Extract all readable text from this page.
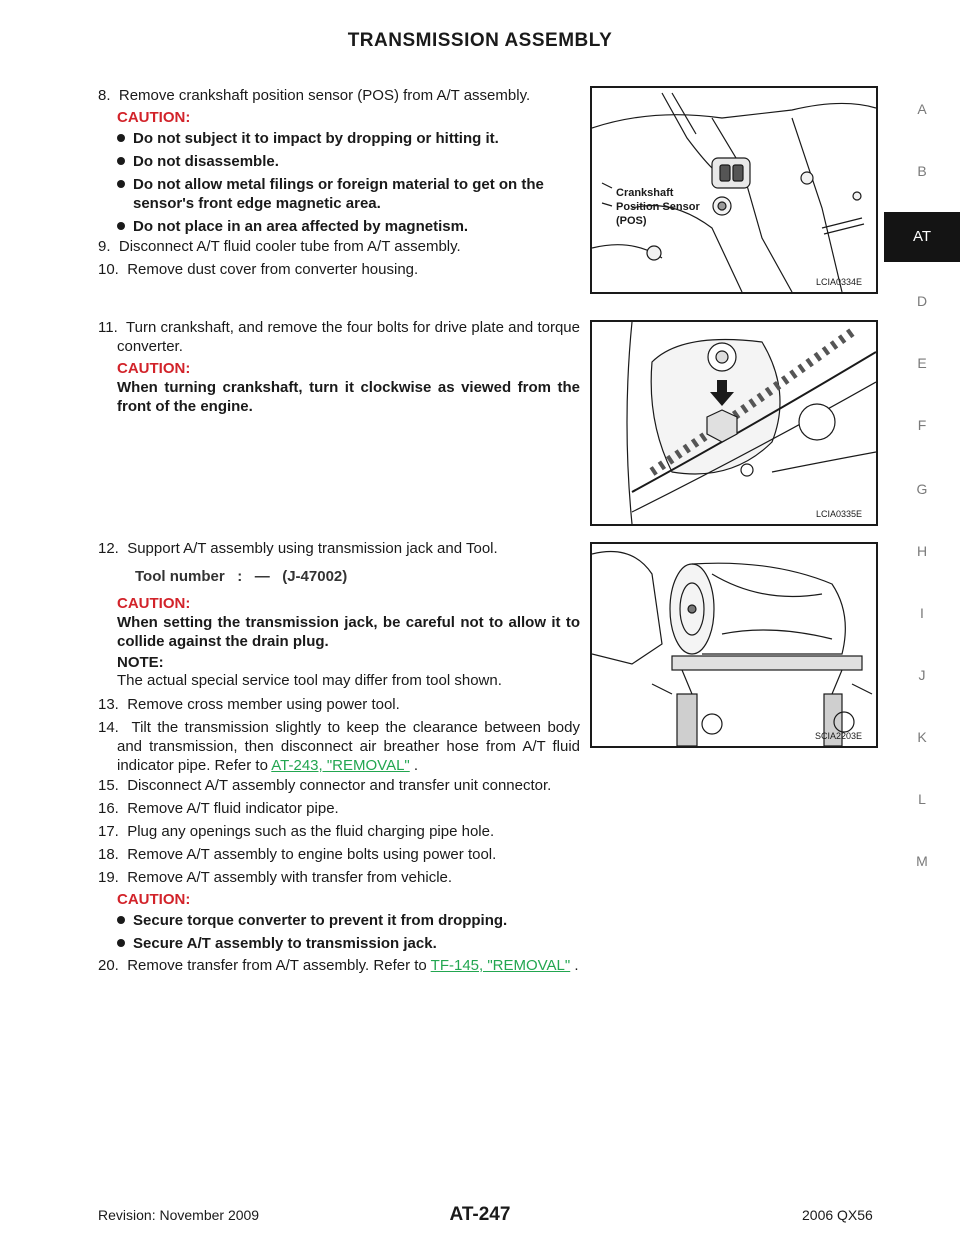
TRANSMISSION ASSEMBLY
A
B
AT
D
E
F
G
H
I
J
K
L
M
8. Remove crankshaft position sensor (POS) from A/T assembly.
CAUTION:
Do not subject it to impact by dropping or hitting it.
Do not disassemble.
Do not allow metal filings or foreign material to get on the sensor's front edge magnetic area.
Do not place in an area affected by magnetism.
9. Disconnect A/T fluid cooler tube from A/T assembly.
10. Remove dust cover from converter housing.
11. Turn crankshaft, and remove the four bolts for drive plate and torque converter.
CAUTION:
When turning crankshaft, turn it clockwise as viewed from the front of the engine.
12. Support A/T assembly using transmission jack and Tool.
Tool number   :   —   (J-47002)
CAUTION:
When setting the transmission jack, be careful not to allow it to collide against the drain plug.
NOTE:
The actual special service tool may differ from tool shown.
13. Remove cross member using power tool.
14. Tilt the transmission slightly to keep the clearance between body and transmission, then disconnect air breather hose from A/T fluid indicator pipe. Refer to AT-243, "REMOVAL" .
15. Disconnect A/T assembly connector and transfer unit connector.
16. Remove A/T fluid indicator pipe.
17. Plug any openings such as the fluid charging pipe hole.
18. Remove A/T assembly to engine bolts using power tool.
19. Remove A/T assembly with transfer from vehicle.
CAUTION:
Secure torque converter to prevent it from dropping.
Secure A/T assembly to transmission jack.
20. Remove transfer from A/T assembly. Refer to TF-145, "REMOVAL" .
Crankshaft
Position Sensor
(POS)
LCIA0334E
LCIA0335E
SCIA2203E
Revision: November 2009	AT-247	2006 QX56
